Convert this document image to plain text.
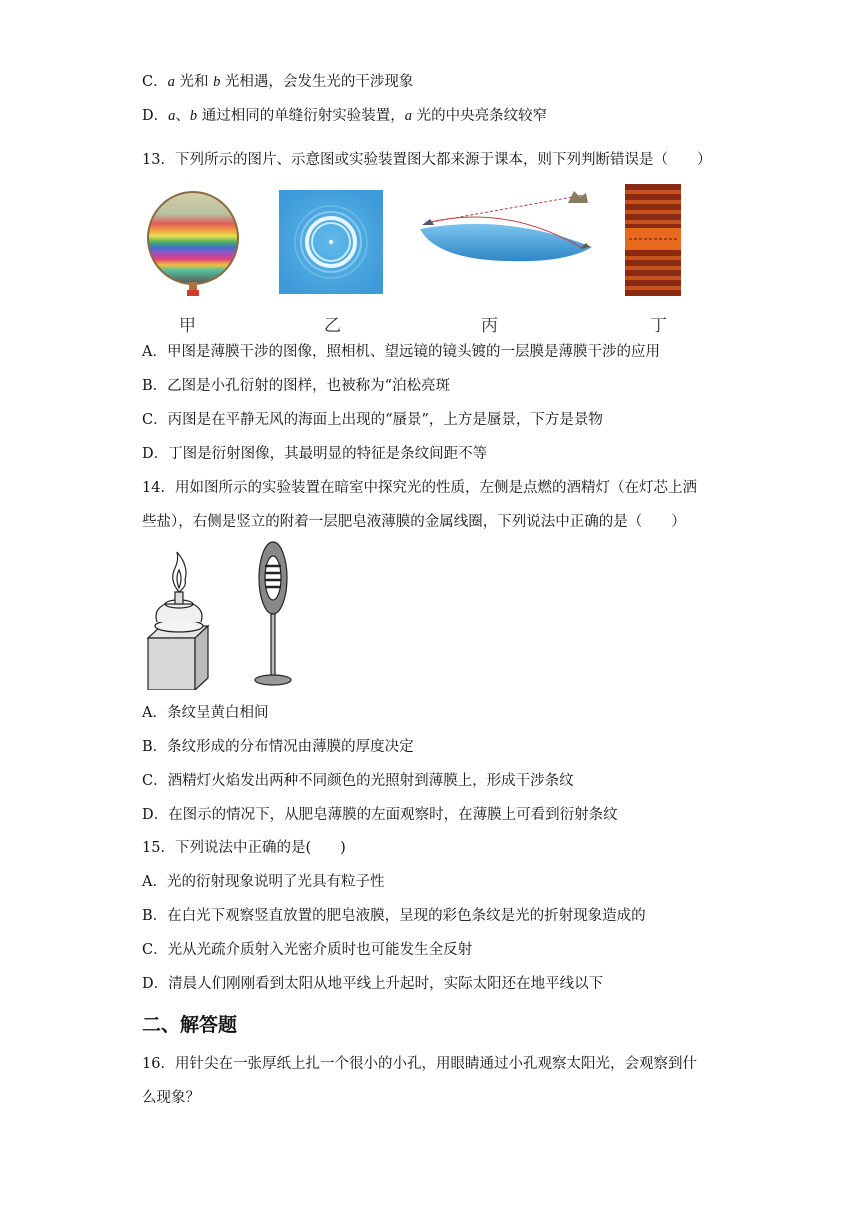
C．a 光和 b 光相遇，会发生光的干涉现象
D．a、b 通过相同的单缝衍射实验装置，a 光的中央亮条纹较窄
13．下列所示的图片、示意图或实验装置图大都来源于课本，则下列判断错误是（　　）
甲	乙	丙	丁
A．甲图是薄膜干涉的图像，照相机、望远镜的镜头镀的一层膜是薄膜干涉的应用
B．乙图是小孔衍射的图样，也被称为“泊松亮斑
C．丙图是在平静无风的海面上出现的“蜃景”，上方是蜃景，下方是景物
D．丁图是衍射图像，其最明显的特征是条纹间距不等
14．用如图所示的实验装置在暗室中探究光的性质，左侧是点燃的酒精灯（在灯芯上洒
些盐），右侧是竖立的附着一层肥皂液薄膜的金属线圈，下列说法中正确的是（　　）
A．条纹呈黄白相间
B．条纹形成的分布情况由薄膜的厚度决定
C．酒精灯火焰发出两种不同颜色的光照射到薄膜上，形成干涉条纹
D．在图示的情况下，从肥皂薄膜的左面观察时，在薄膜上可看到衍射条纹
15．下列说法中正确的是(　　)
A．光的衍射现象说明了光具有粒子性
B．在白光下观察竖直放置的肥皂液膜，呈现的彩色条纹是光的折射现象造成的
C．光从光疏介质射入光密介质时也可能发生全反射
D．清晨人们刚刚看到太阳从地平线上升起时，实际太阳还在地平线以下
二、解答题
16．用针尖在一张厚纸上扎一个很小的小孔，用眼睛通过小孔观察太阳光，会观察到什
么现象？
